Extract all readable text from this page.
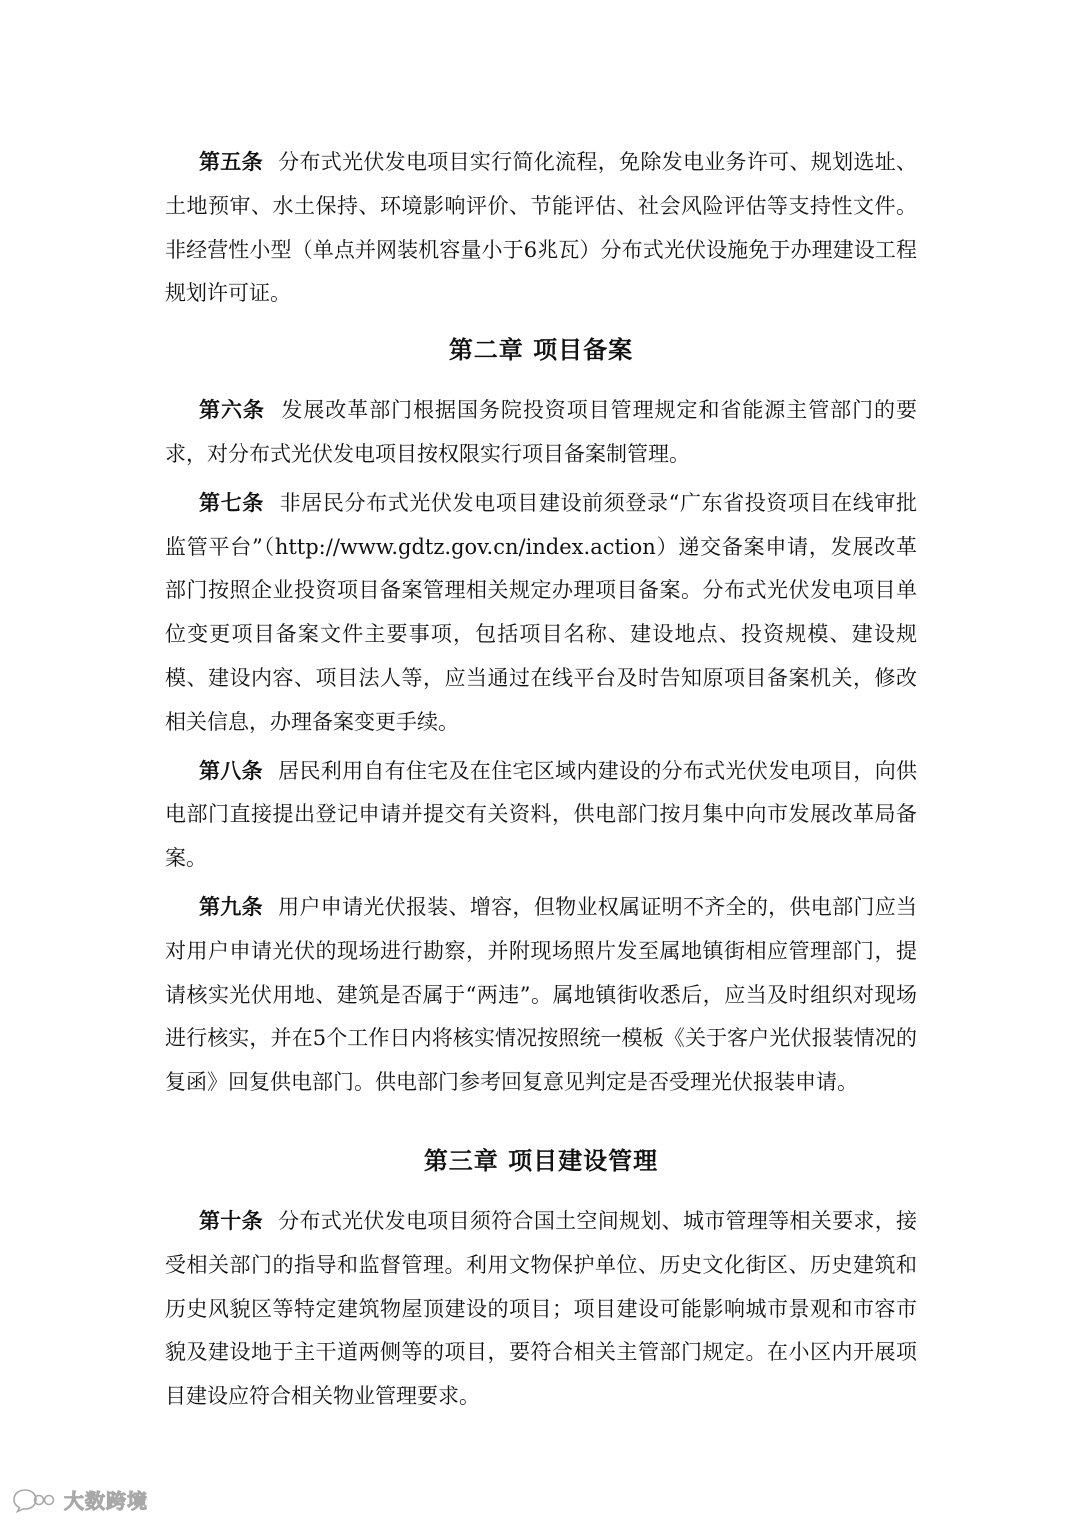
第五条 分布式光伏发电项目实行简化流程，免除发电业务许可、规划选址、土地预审、水土保持、环境影响评价、节能评估、社会风险评估等支持性文件。非经营性小型（单点并网装机容量小于6兆瓦）分布式光伏设施免于办理建设工程规划许可证。

第二章 项目备案

第六条 发展改革部门根据国务院投资项目管理规定和省能源主管部门的要求，对分布式光伏发电项目按权限实行项目备案制管理。

第七条 非居民分布式光伏发电项目建设前须登录“广东省投资项目在线审批监管平台”（http://www.gdtz.gov.cn/index.action）递交备案申请，发展改革部门按照企业投资项目备案管理相关规定办理项目备案。分布式光伏发电项目单位变更项目备案文件主要事项，包括项目名称、建设地点、投资规模、建设规模、建设内容、项目法人等，应当通过在线平台及时告知原项目备案机关，修改相关信息，办理备案变更手续。

第八条 居民利用自有住宅及在住宅区域内建设的分布式光伏发电项目，向供电部门直接提出登记申请并提交有关资料，供电部门按月集中向市发展改革局备案。

第九条 用户申请光伏报装、增容，但物业权属证明不齐全的，供电部门应当对用户申请光伏的现场进行勘察，并附现场照片发至属地镇街相应管理部门，提请核实光伏用地、建筑是否属于“两违”。属地镇街收悉后，应当及时组织对现场进行核实，并在5个工作日内将核实情况按照统一模板《关于客户光伏报装情况的复函》回复供电部门。供电部门参考回复意见判定是否受理光伏报装申请。

第三章 项目建设管理

第十条 分布式光伏发电项目须符合国土空间规划、城市管理等相关要求，接受相关部门的指导和监督管理。利用文物保护单位、历史文化街区、历史建筑和历史风貌区等特定建筑物屋顶建设的项目；项目建设可能影响城市景观和市容市貌及建设地于主干道两侧等的项目，要符合相关主管部门规定。在小区内开展项目建设应符合相关物业管理要求。

大数跨境
